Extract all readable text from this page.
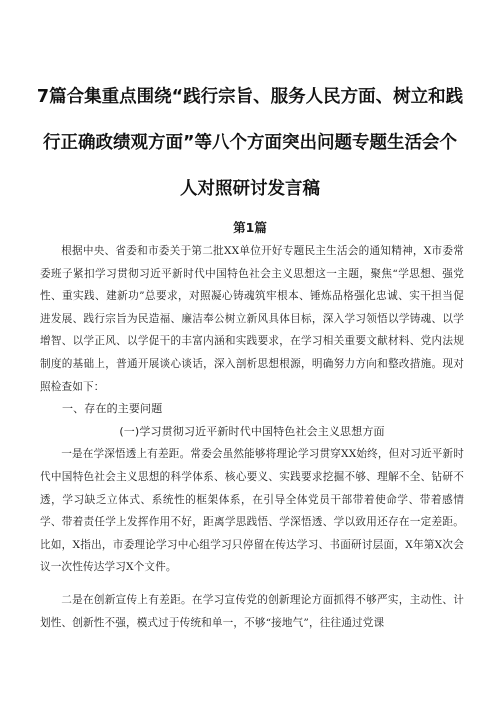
7篇合集重点围绕“践行宗旨、服务人民方面、树立和践
行正确政绩观方面”等八个方面突出问题专题生活会个
人对照研讨发言稿
第1篇

根据中央、省委和市委关于第二批XX单位开好专题民主生活会的通知精神，X市委常委班子紧扣学习贯彻习近平新时代中国特色社会主义思想这一主题，聚焦“学思想、强党性、重实践、建新功”总要求，对照凝心铸魂筑牢根本、锤炼品格强化忠诚、实干担当促进发展、践行宗旨为民造福、廉洁奉公树立新风具体目标，深入学习领悟以学铸魂、以学增智、以学正风、以学促干的丰富内涵和实践要求，在学习相关重要文献材料、党内法规制度的基础上，普通开展谈心谈话，深入剖析思想根源，明确努力方向和整改措施。现对照检查如下：

一、存在的主要问题

(一)学习贯彻习近平新时代中国特色社会主义思想方面

一是在学深悟透上有差距。常委会虽然能够将理论学习贯穿XX始终，但对习近平新时代中国特色社会主义思想的科学体系、核心要义、实践要求挖掘不够、理解不全、钻研不透，学习缺乏立体式、系统性的框架体系，在引导全体党员干部带着使命学、带着感情学、带着责任学上发挥作用不好，距离学思践悟、学深悟透、学以致用还存在一定差距。比如，X指出，市委理论学习中心组学习只停留在传达学习、书面研讨层面，X年第X次会议一次性传达学习X个文件。

二是在创新宣传上有差距。在学习宣传党的创新理论方面抓得不够严实，主动性、计划性、创新性不强，模式过于传统和单一，不够“接地气”，往往通过党课
